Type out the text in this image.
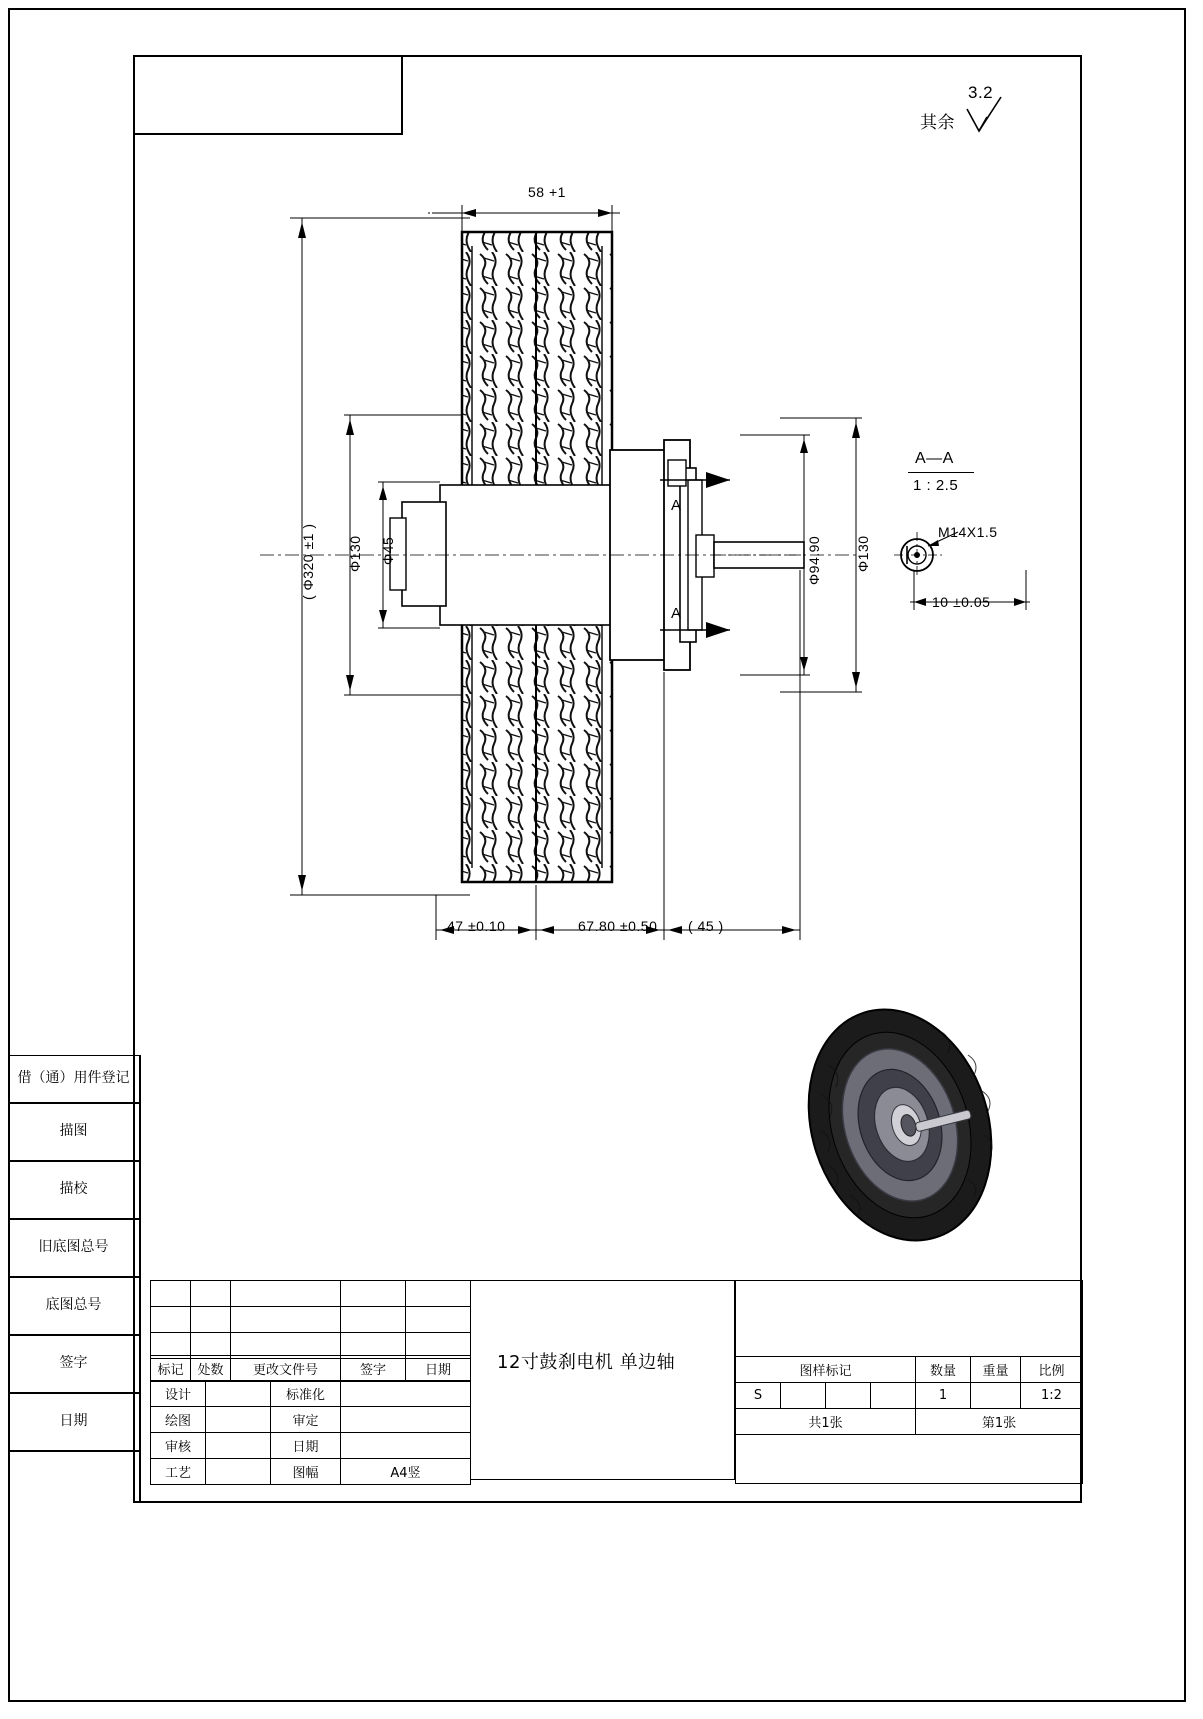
其余
3.2
58 +1
( Φ320 ±1 ) Φ130 Φ45	Φ94.90 Φ130
47 ±0.10	67.80 ±0.50 ( 45 )
A
A
A—A
1 : 2.5
M14X1.5
10 ±0.05
借（通）用件登记
描图
描校
旧底图总号
底图总号
签字
日期
标记	处数	更改文件号	签字	日期

设计		标准化	
绘图		审定	
审核		日期	
工艺		图幅	A4竖
12寸鼓刹电机 单边轴	图样标记				数量	重量	比例
S				1		1:2
共1张				第1张		
